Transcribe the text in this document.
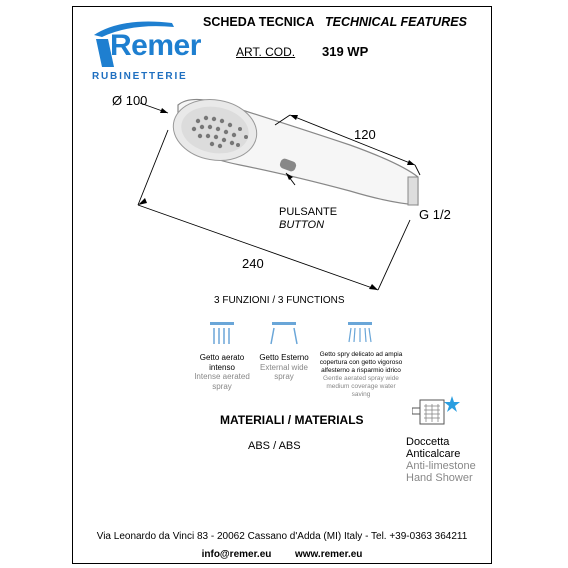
Remer
RUBINETTERIE
SCHEDA TECNICA TECHNICAL FEATURES
ART. COD. 319 WP
Ø 100
120
240
G 1/2
PULSANTE
BUTTON
3 FUNZIONI / 3 FUNCTIONS
Getto aerato intenso
Intense aerated
spray
Getto Esterno
External wide
spray
Getto spry delicato ad ampia
copertura con getto vigoroso
alfesterno a risparmio idrico
Gentle aerated spray wide
medium coverage water
saving
MATERIALI / MATERIALS
ABS / ABS	Doccetta
Anticalcare
Anti-limestone
Hand Shower
Via Leonardo da Vinci 83 - 20062 Cassano d'Adda (MI) Italy - Tel. +39-0363 364211
info@remer.eu www.remer.eu
